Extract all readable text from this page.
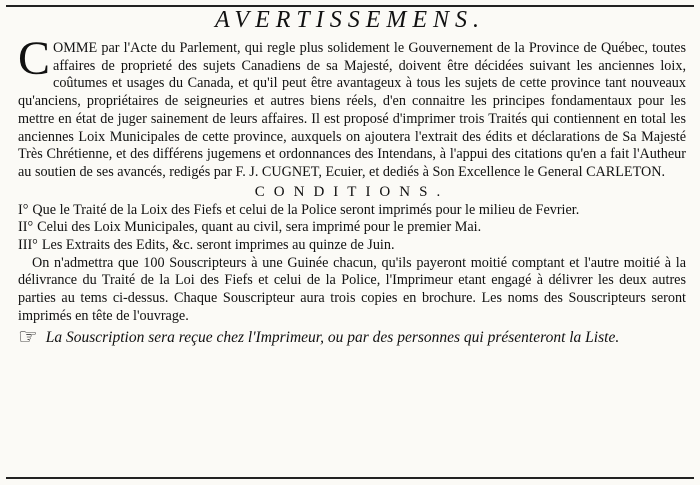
AVERTISSEMENS.

COMME par l'Acte du Parlement, qui regle plus solidement le Gouvernement de la Province de Québec, toutes affaires de proprieté des sujets Canadiens de sa Majesté, doivent être décidées suivant les anciennes loix, coûtumes et usages du Canada, et qu'il peut être avantageux à tous les sujets de cette province tant nouveaux qu'anciens, propriétaires de seigneuries et autres biens réels, d'en connaitre les principes fondamentaux pour les mettre en état de juger sainement de leurs affaires. Il est proposé d'imprimer trois Traités qui contiennent en total les anciennes Loix Municipales de cette province, auxquels on ajoutera l'extrait des édits et déclarations de Sa Majesté Très Chrétienne, et des différens jugemens et ordonnances des Intendans, à l'appui des citations qu'en a fait l'Autheur au soutien de ses avancés, redigés par F. J. CUGNET, Ecuier, et dediés à Son Excellence le General CARLETON.

CONDITIONS.

I° Que le Traité de la Loix des Fiefs et celui de la Police seront imprimés pour le milieu de Fevrier.

II° Celui des Loix Municipales, quant au civil, sera imprimé pour le premier Mai.

III° Les Extraits des Edits, &c. seront imprimes au quinze de Juin.

On n'admettra que 100 Souscripteurs à une Guinée chacun, qu'ils payeront moitié comptant et l'autre moitié à la délivrance du Traité de la Loi des Fiefs et celui de la Police, l'Imprimeur etant engagé à délivrer les deux autres parties au tems ci-dessus. Chaque Souscripteur aura trois copies en brochure. Les noms des Souscripteurs seront imprimés en tête de l'ouvrage.

☞ La Souscription sera reçue chez l'Imprimeur, ou par des personnes qui présenteront la Liste.
